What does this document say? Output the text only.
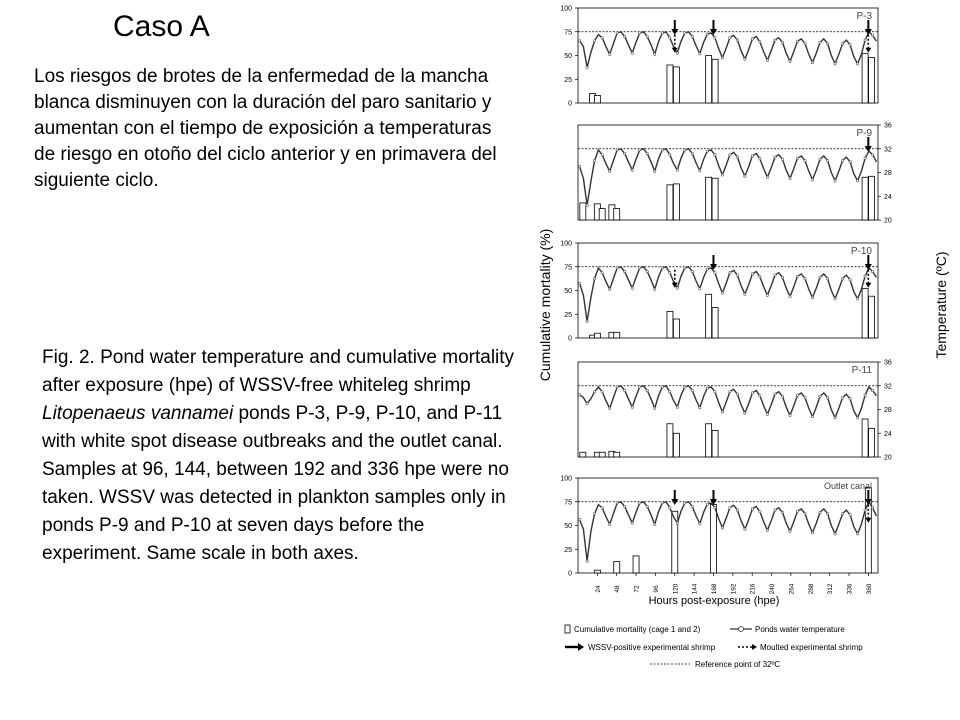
Caso A
Los riesgos de brotes de la enfermedad de la mancha blanca disminuyen con la duración del paro sanitario y aumentan con el tiempo de exposición a temperaturas de riesgo en otoño del ciclo anterior y en primavera del siguiente ciclo.
Fig. 2. Pond water temperature and cumulative mortality after exposure (hpe) of WSSV-free whiteleg shrimp Litopenaeus vannamei ponds P-3, P-9, P-10, and P-11 with white spot disease outbreaks and the outlet canal. Samples at 96, 144, between 192 and 336 hpe were no taken. WSSV was detected in plankton samples only in ponds P-9 and P-10 at seven days before the experiment. Same scale in both axes.
0
25
50
75
100
P-3
20
24
28
32
36
P-9
0
25
50
75
100
P-10
20
24
28
32
36
P-11
0
25
50
75
100
Outlet canal
24 48 72 96 120 144 168 192 216 240 264 288 312 336 360
Cumulative mortality (%)	Temperature (ºC)
Hours post-exposure (hpe)
Cumulative mortality (cage 1 and 2)	Ponds water temperature
WSSV-positive experimental shrimp	Moulted experimental shrimp
Reference point of 32ºC
